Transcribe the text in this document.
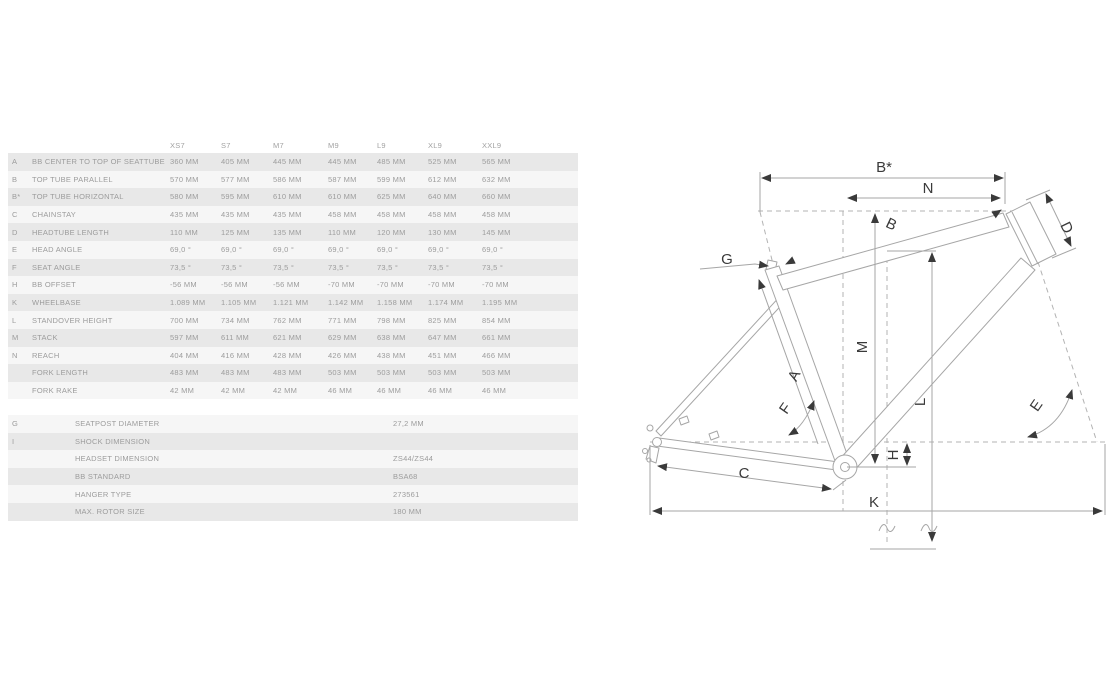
XS7	S7	M7	M9	L9	XL9	XXL9
A	BB CENTER TO TOP OF SEATTUBE 360 MM	405 MM	445 MM	445 MM	485 MM	525 MM	565 MM
B	TOP TUBE PARALLEL	570 MM	577 MM	586 MM	587 MM	599 MM	612 MM	632 MM
B*	TOP TUBE HORIZONTAL	580 MM	595 MM	610 MM	610 MM	625 MM	640 MM	660 MM
C	CHAINSTAY	435 MM	435 MM	435 MM	458 MM	458 MM	458 MM	458 MM
D	HEADTUBE LENGTH	110 MM	125 MM	135 MM	110 MM	120 MM	130 MM	145 MM
E	HEAD ANGLE	69,0 °	69,0 °	69,0 °	69,0 °	69,0 °	69,0 °	69,0 °
F	SEAT ANGLE	73,5 °	73,5 °	73,5 °	73,5 °	73,5 °	73,5 °	73,5 °
H	BB OFFSET	-56 MM	-56 MM	-56 MM	-70 MM	-70 MM	-70 MM	-70 MM
K	WHEELBASE	1.089 MM	1.105 MM	1.121 MM	1.142 MM	1.158 MM	1.174 MM	1.195 MM
L	STANDOVER HEIGHT	700 MM	734 MM	762 MM	771 MM	798 MM	825 MM	854 MM
M	STACK	597 MM	611 MM	621 MM	629 MM	638 MM	647 MM	661 MM
N	REACH	404 MM	416 MM	428 MM	426 MM	438 MM	451 MM	466 MM
FORK LENGTH	483 MM	483 MM	483 MM	503 MM	503 MM	503 MM	503 MM
FORK RAKE	42 MM	42 MM	42 MM	46 MM	46 MM	46 MM	46 MM
G	SEATPOST DIAMETER	27,2 MM
I	SHOCK DIMENSION
HEADSET DIMENSION	ZS44/ZS44
BB STANDARD	BSA68
HANGER TYPE	273561
MAX. ROTOR SIZE	180 MM
B*
N
B	D
G
M
L
A
F
H
C
K
E
